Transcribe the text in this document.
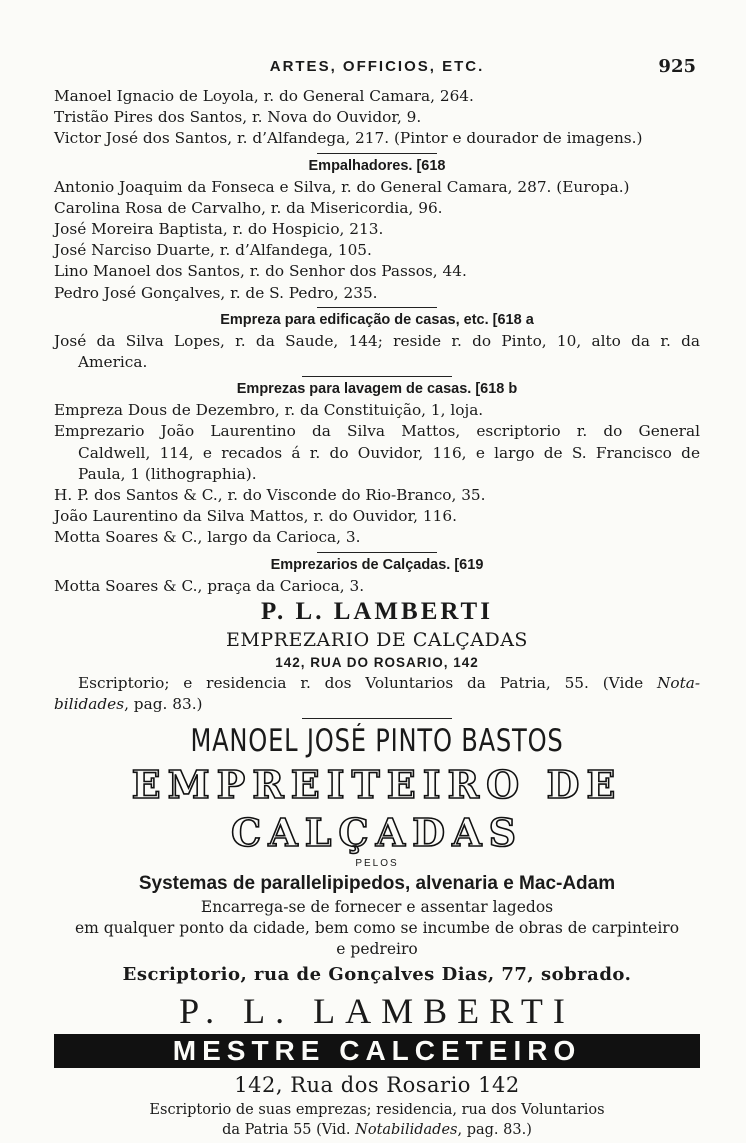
ARTES, OFFICIOS, ETC.	925
Manoel Ignacio de Loyola, r. do General Camara, 264.
Tristão Pires dos Santos, r. Nova do Ouvidor, 9.
Victor José dos Santos, r. d’Alfandega, 217. (Pintor e dourador de imagens.)
Empalhadores. [618
Antonio Joaquim da Fonseca e Silva, r. do General Camara, 287. (Europa.)
Carolina Rosa de Carvalho, r. da Misericordia, 96.
José Moreira Baptista, r. do Hospicio, 213.
José Narciso Duarte, r. d’Alfandega, 105.
Lino Manoel dos Santos, r. do Senhor dos Passos, 44.
Pedro José Gonçalves, r. de S. Pedro, 235.
Empreza para edificação de casas, etc. [618 a
José da Silva Lopes, r. da Saude, 144; reside r. do Pinto, 10, alto da r. da
America.
Emprezas para lavagem de casas. [618 b
Empreza Dous de Dezembro, r. da Constituição, 1, loja.
Emprezario João Laurentino da Silva Mattos, escriptorio r. do General
Caldwell, 114, e recados á r. do Ouvidor, 116, e largo de S. Francisco de
Paula, 1 (lithographia).
H. P. dos Santos & C., r. do Visconde do Rio-Branco, 35.
João Laurentino da Silva Mattos, r. do Ouvidor, 116.
Motta Soares & C., largo da Carioca, 3.
Emprezarios de Calçadas. [619
Motta Soares & C., praça da Carioca, 3.
P. L. LAMBERTI
EMPREZARIO DE CALÇADAS
142, RUA DO ROSARIO, 142
Escriptorio; e residencia r. dos Voluntarios da Patria, 55. (Vide Nota-
bilidades, pag. 83.)
MANOEL JOSÉ PINTO BASTOS
EMPREITEIRO DE CALÇADAS
PELOS
Systemas de parallelipipedos, alvenaria e Mac-Adam
Encarrega-se de fornecer e assentar lagedos
em qualquer ponto da cidade, bem como se incumbe de obras de carpinteiro
e pedreiro
Escriptorio, rua de Gonçalves Dias, 77, sobrado.
P. L. LAMBERTI
MESTRE CALCETEIRO
142, Rua dos Rosario 142
Escriptorio de suas emprezas; residencia, rua dos Voluntarios
da Patria 55 (Vid. Notabilidades, pag. 83.)
